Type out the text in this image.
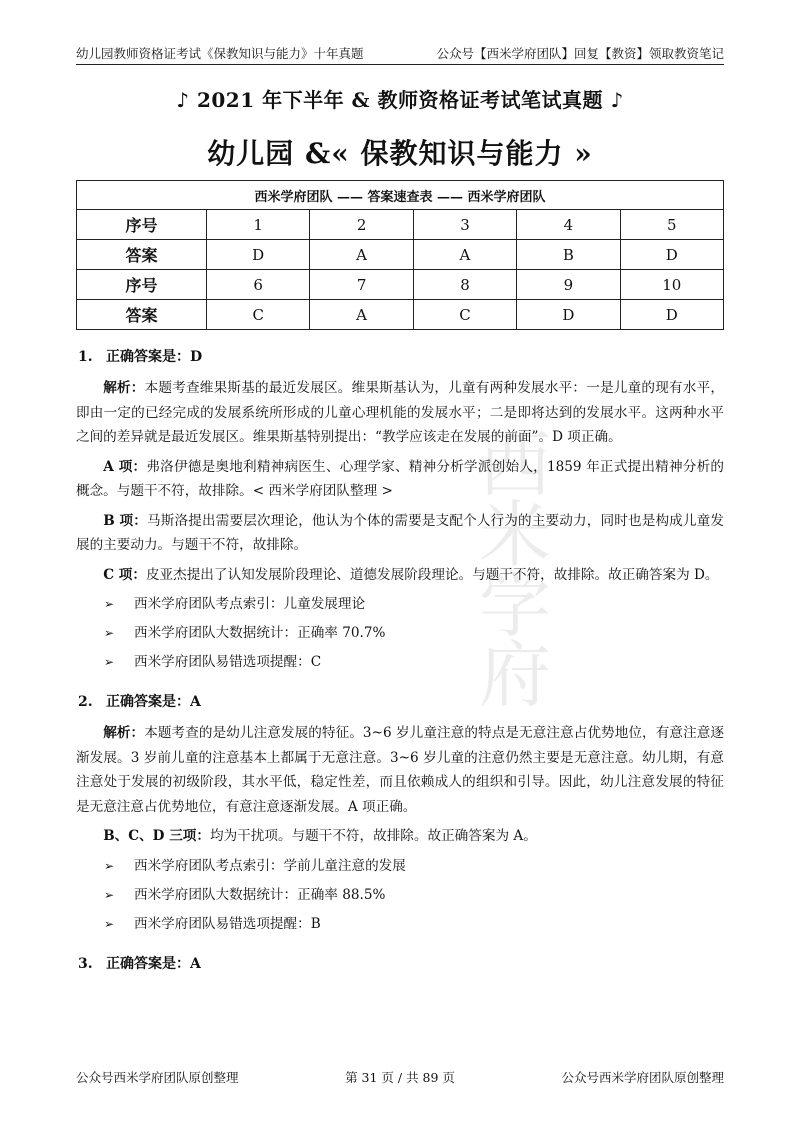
幼儿园教师资格证考试《保教知识与能力》十年真题	公众号【西米学府团队】回复【教资】领取教资笔记
♪ 2021 年下半年 & 教师资格证考试笔试真题 ♪
幼儿园 &« 保教知识与能力 »
西米学府团队 —— 答案速查表 —— 西米学府团队					
序号	1	2	3	4	5
答案	D	A	A	B	D
序号	6	7	8	9	10
答案	C	A	C	D	D
西
米
学
府
1. 正确答案是：D

解析：本题考查维果斯基的最近发展区。维果斯基认为，儿童有两种发展水平：一是儿童的现有水平，即由一定的已经完成的发展系统所形成的儿童心理机能的发展水平；二是即将达到的发展水平。这两种水平之间的差异就是最近发展区。维果斯基特别提出：“教学应该走在发展的前面”。D 项正确。

A 项：弗洛伊德是奥地利精神病医生、心理学家、精神分析学派创始人，1859 年正式提出精神分析的概念。与题干不符，故排除。< 西米学府团队整理 >

B 项：马斯洛提出需要层次理论，他认为个体的需要是支配个人行为的主要动力，同时也是构成儿童发展的主要动力。与题干不符，故排除。

C 项：皮亚杰提出了认知发展阶段理论、道德发展阶段理论。与题干不符，故排除。故正确答案为 D。

➢	西米学府团队考点索引：儿童发展理论
➢	西米学府团队大数据统计：正确率 70.7%
➢	西米学府团队易错选项提醒：C
2. 正确答案是：A

解析：本题考查的是幼儿注意发展的特征。3~6 岁儿童注意的特点是无意注意占优势地位，有意注意逐渐发展。3 岁前儿童的注意基本上都属于无意注意。3~6 岁儿童的注意仍然主要是无意注意。幼儿期，有意注意处于发展的初级阶段，其水平低，稳定性差，而且依赖成人的组织和引导。因此，幼儿注意发展的特征是无意注意占优势地位，有意注意逐渐发展。A 项正确。

B、C、D 三项：均为干扰项。与题干不符，故排除。故正确答案为 A。

➢	西米学府团队考点索引：学前儿童注意的发展
➢	西米学府团队大数据统计：正确率 88.5%
➢	西米学府团队易错选项提醒：B
3. 正确答案是：A
公众号西米学府团队原创整理	第 31 页 / 共 89 页	公众号西米学府团队原创整理
